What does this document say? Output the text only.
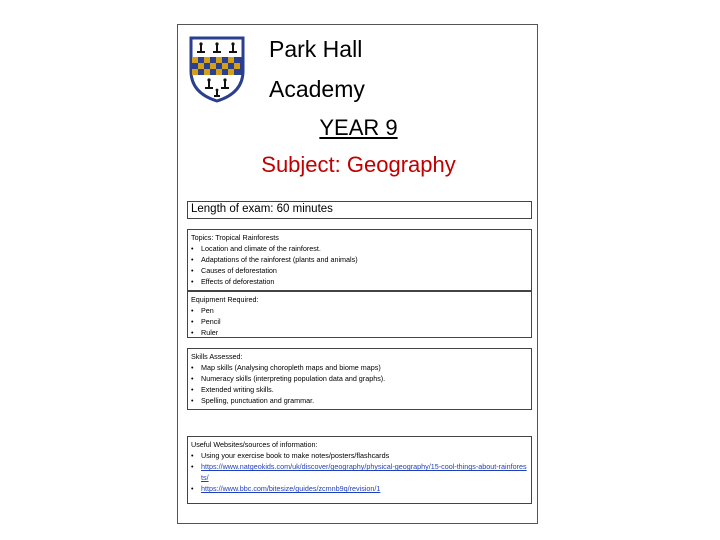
Park Hall
Academy
YEAR 9
Subject: Geography
Length of exam: 60 minutes
Topics: Tropical Rainforests
• Location and climate of the rainforest.
• Adaptations of the rainforest (plants and animals)
• Causes of deforestation
• Effects of deforestation
Equipment Required:
• Pen
• Pencil
• Ruler
Skills Assessed:
• Map skills (Analysing choropleth maps and biome maps)
• Numeracy skills (interpreting population data and graphs).
• Extended writing skills.
• Spelling, punctuation and grammar.
Useful Websites/sources of information:
• Using your exercise book to make notes/posters/flashcards
• https://www.natgeokids.com/uk/discover/geography/physical-geography/15-cool-things-about-rainforests/
• https://www.bbc.com/bitesize/guides/zcmnb9q/revision/1
